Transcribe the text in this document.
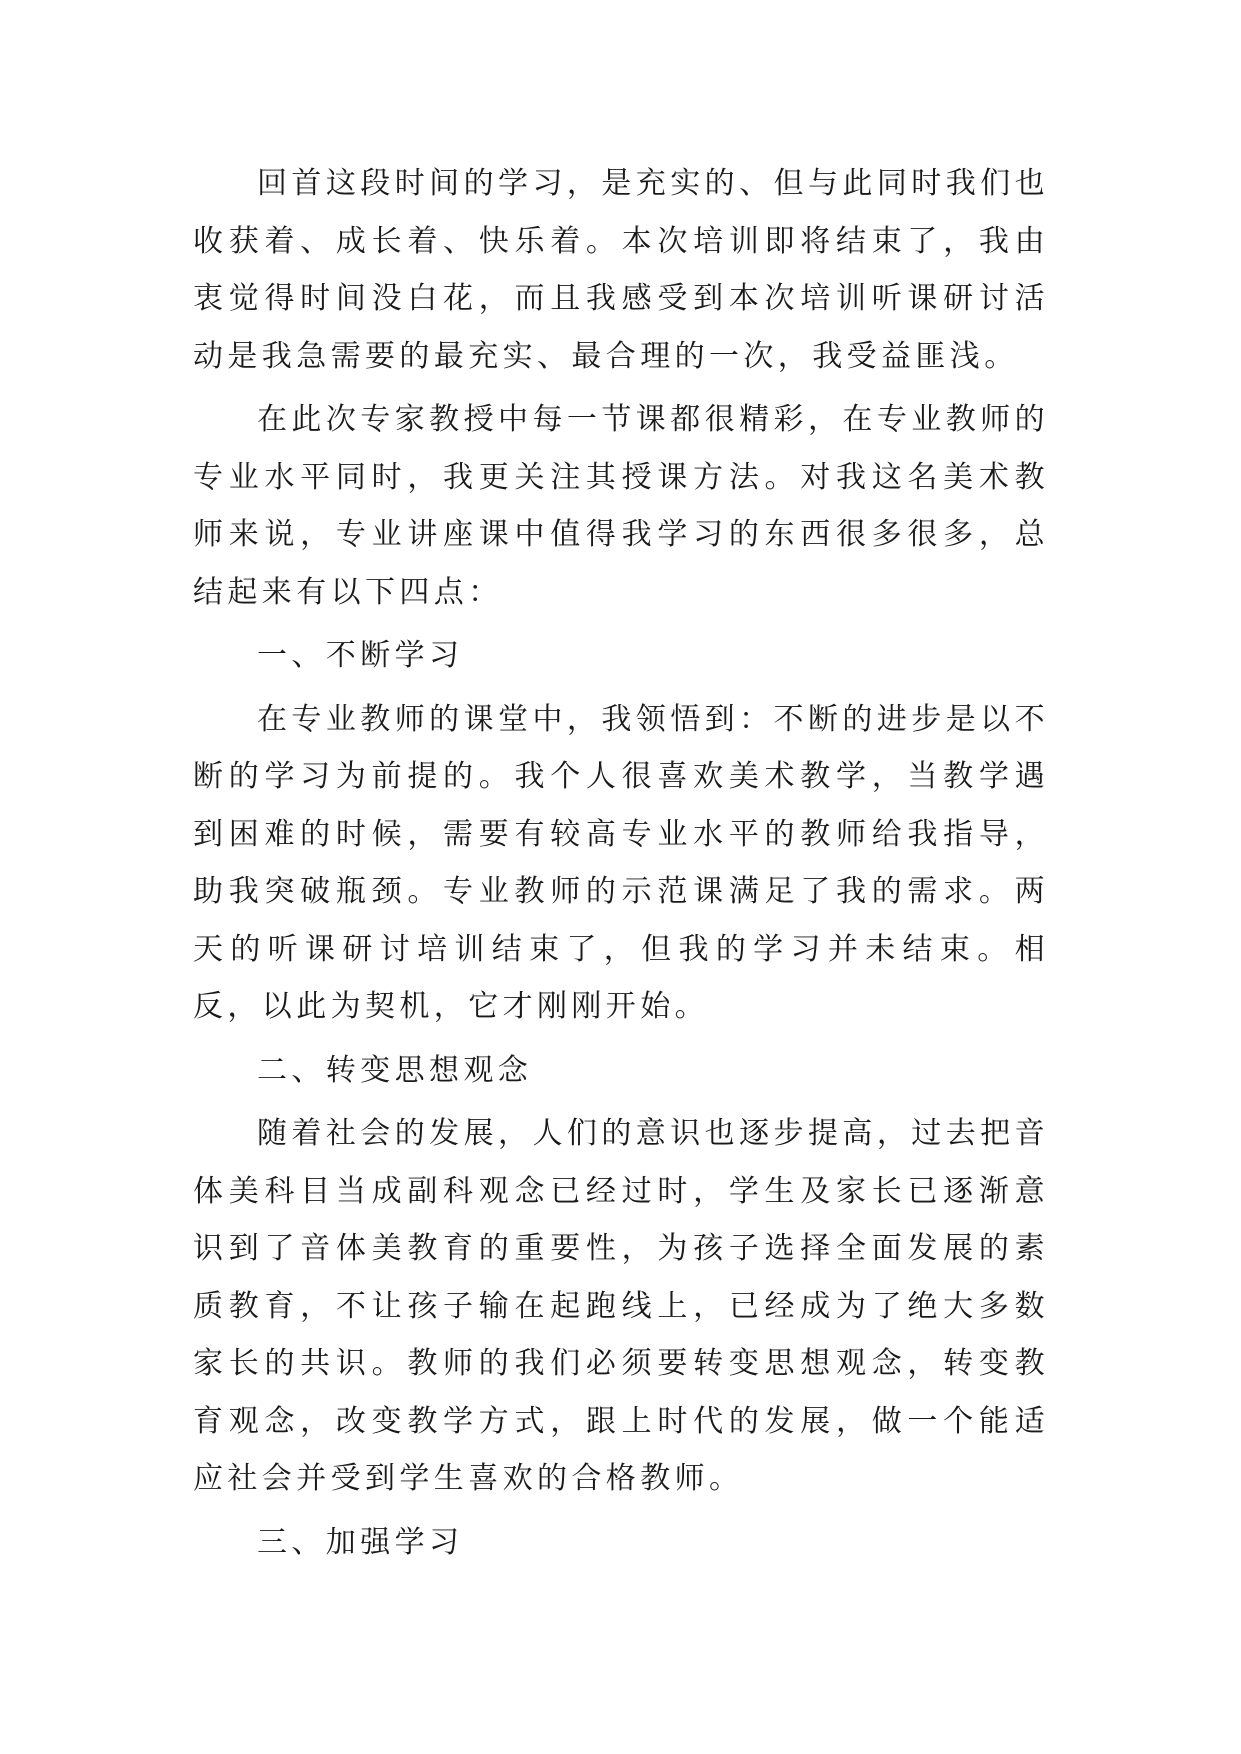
回首这段时间的学习，是充实的、但与此同时我们也收获着、成长着、快乐着。本次培训即将结束了，我由衷觉得时间没白花，而且我感受到本次培训听课研讨活动是我急需要的最充实、最合理的一次，我受益匪浅。

在此次专家教授中每一节课都很精彩，在专业教师的专业水平同时，我更关注其授课方法。对我这名美术教师来说，专业讲座课中值得我学习的东西很多很多，总结起来有以下四点：

一、不断学习

在专业教师的课堂中，我领悟到：不断的进步是以不断的学习为前提的。我个人很喜欢美术教学，当教学遇到困难的时候，需要有较高专业水平的教师给我指导，助我突破瓶颈。专业教师的示范课满足了我的需求。两天的听课研讨培训结束了，但我的学习并未结束。相反，以此为契机，它才刚刚开始。

二、转变思想观念

随着社会的发展，人们的意识也逐步提高，过去把音体美科目当成副科观念已经过时，学生及家长已逐渐意识到了音体美教育的重要性，为孩子选择全面发展的素质教育，不让孩子输在起跑线上，已经成为了绝大多数家长的共识。教师的我们必须要转变思想观念，转变教育观念，改变教学方式，跟上时代的发展，做一个能适应社会并受到学生喜欢的合格教师。

三、加强学习
